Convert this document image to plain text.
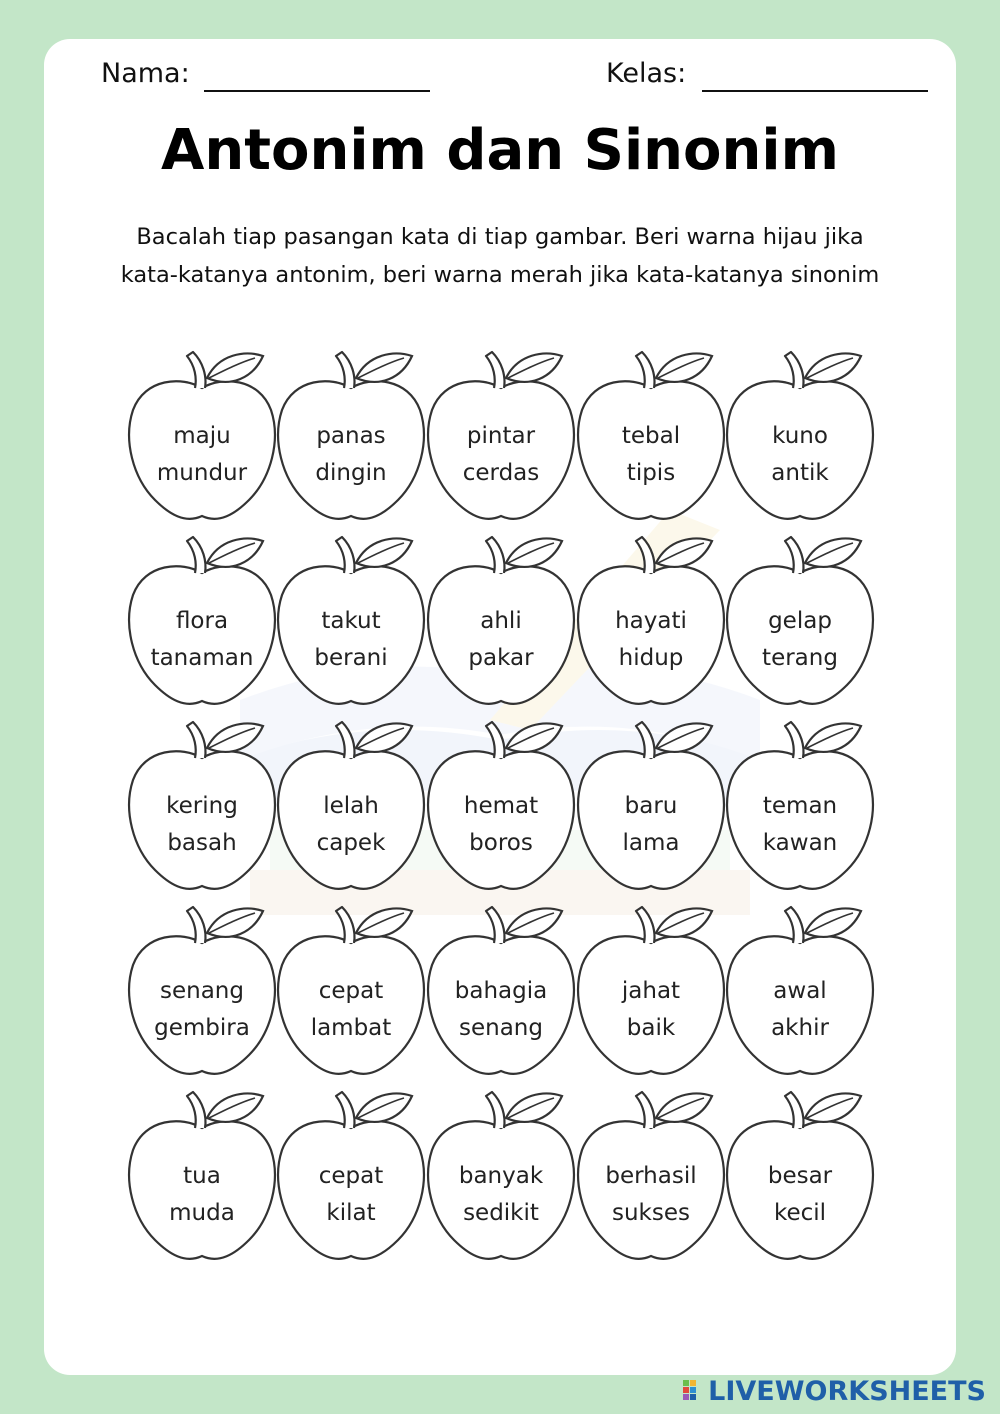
Nama:	Kelas:
Antonim dan Sinonim
Bacalah tiap pasangan kata di tiap gambar. Beri warna hijau jika
kata-katanya antonim, beri warna merah jika kata-katanya sinonim
maju
mundur
panas
dingin
pintar
cerdas
tebal
tipis
kuno
antik
flora
tanaman
takut
berani
ahli
pakar
hayati
hidup
gelap
terang
kering
basah
lelah
capek
hemat
boros
baru
lama
teman
kawan
senang
gembira
cepat
lambat
bahagia
senang
jahat
baik
awal
akhir
tua
muda
cepat
kilat
banyak
sedikit
berhasil
sukses
besar
kecil
LIVEWORKSHEETS
